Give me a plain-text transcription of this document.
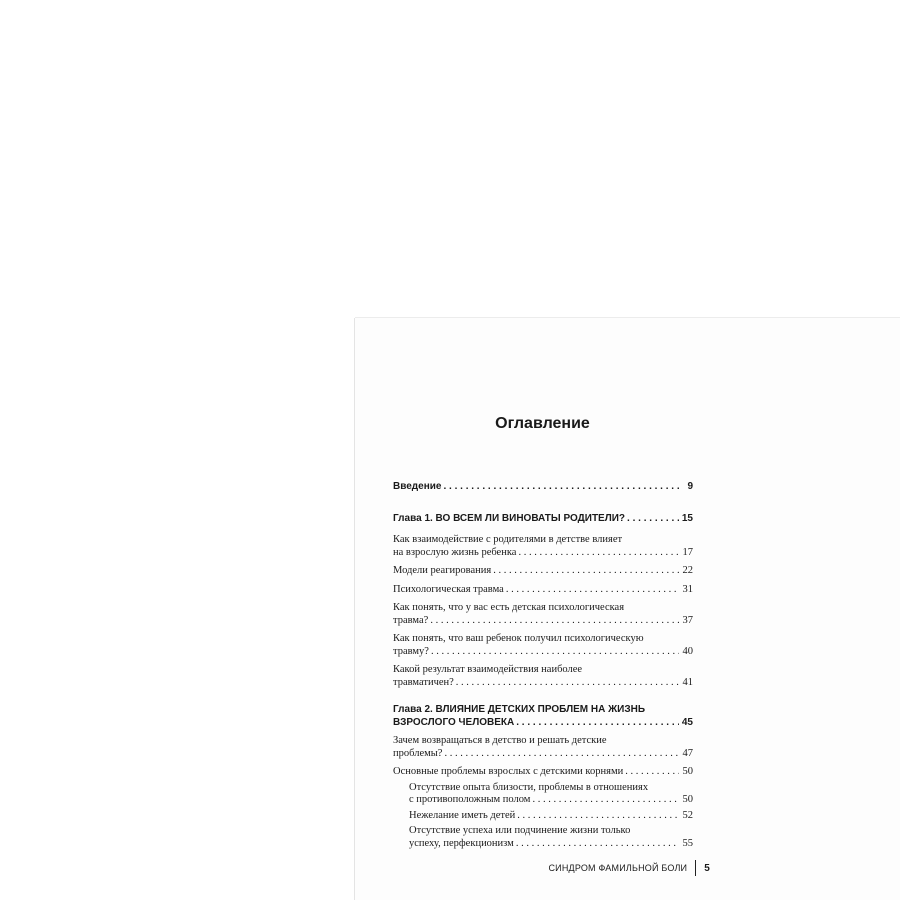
Оглавление
Введение . . .	9
Глава 1. ВО ВСЕМ ЛИ ВИНОВАТЫ РОДИТЕЛИ? . . .	15
Как взаимодействие с родителями в детстве влияет
на взрослую жизнь ребенка . . .	17
Модели реагирования . . .	22
Психологическая травма . . .	31
Как понять, что у вас есть детская психологическая
травма? . . .	37
Как понять, что ваш ребенок получил психологическую
травму? . . .	40
Какой результат взаимодействия наиболее
травматичен? . . .	41
Глава 2. ВЛИЯНИЕ ДЕТСКИХ ПРОБЛЕМ НА ЖИЗНЬ
ВЗРОСЛОГО ЧЕЛОВЕКА . . .	45
Зачем возвращаться в детство и решать детские
проблемы? . . .	47
Основные проблемы взрослых с детскими корнями . . .	50
Отсутствие опыта близости, проблемы в отношениях
с противоположным полом . . .	50
Нежелание иметь детей . . .	52
Отсутствие успеха или подчинение жизни только
успеху, перфекционизм . . .	55
СИНДРОМ ФАМИЛЬНОЙ БОЛИ 5
